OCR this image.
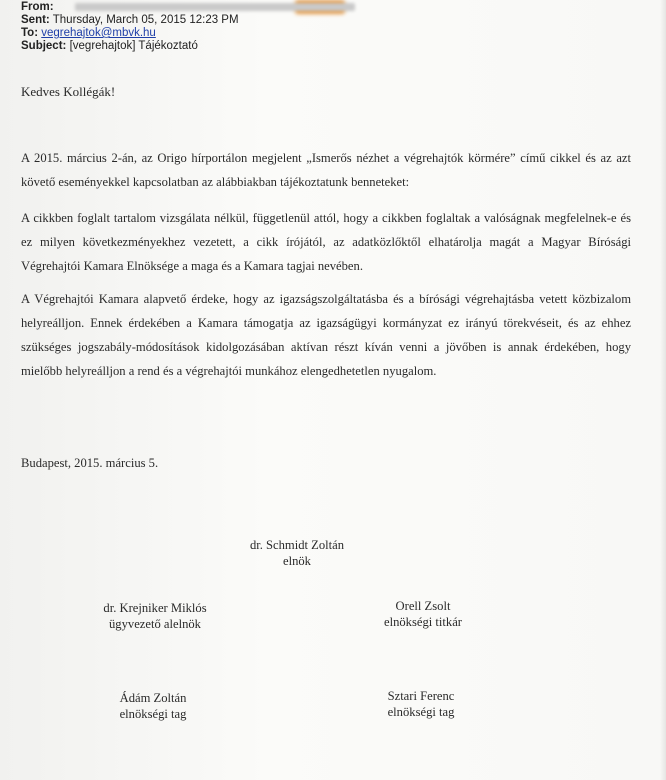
From:
Sent: Thursday, March 05, 2015 12:23 PM
To: vegrehajtok@mbvk.hu
Subject: [vegrehajtok] Tájékoztató
Kedves Kollégák!
A 2015. március 2-án, az Origo hírportálon megjelent „Ismerős nézhet a végrehajtók körmére” című cikkel és az azt követő eseményekkel kapcsolatban az alábbiakban tájékoztatunk benneteket:
A cikkben foglalt tartalom vizsgálata nélkül, függetlenül attól, hogy a cikkben foglaltak a valóságnak megfelelnek-e és ez milyen következményekhez vezetett, a cikk írójától, az adatközlőktől elhatárolja magát a Magyar Bírósági Végrehajtói Kamara Elnöksége a maga és a Kamara tagjai nevében.
A Végrehajtói Kamara alapvető érdeke, hogy az igazságszolgáltatásba és a bírósági végrehajtásba vetett közbizalom helyreálljon. Ennek érdekében a Kamara támogatja az igazságügyi kormányzat ez irányú törekvéseit, és az ehhez szükséges jogszabály-módosítások kidolgozásában aktívan részt kíván venni a jövőben is annak érdekében, hogy mielőbb helyreálljon a rend és a végrehajtói munkához elengedhetetlen nyugalom.
Budapest, 2015. március 5.
dr. Schmidt Zoltán
elnök
dr. Krejniker Miklós
ügyvezető alelnök
Orell Zsolt
elnökségi titkár
Ádám Zoltán
elnökségi tag
Sztari Ferenc
elnökségi tag
